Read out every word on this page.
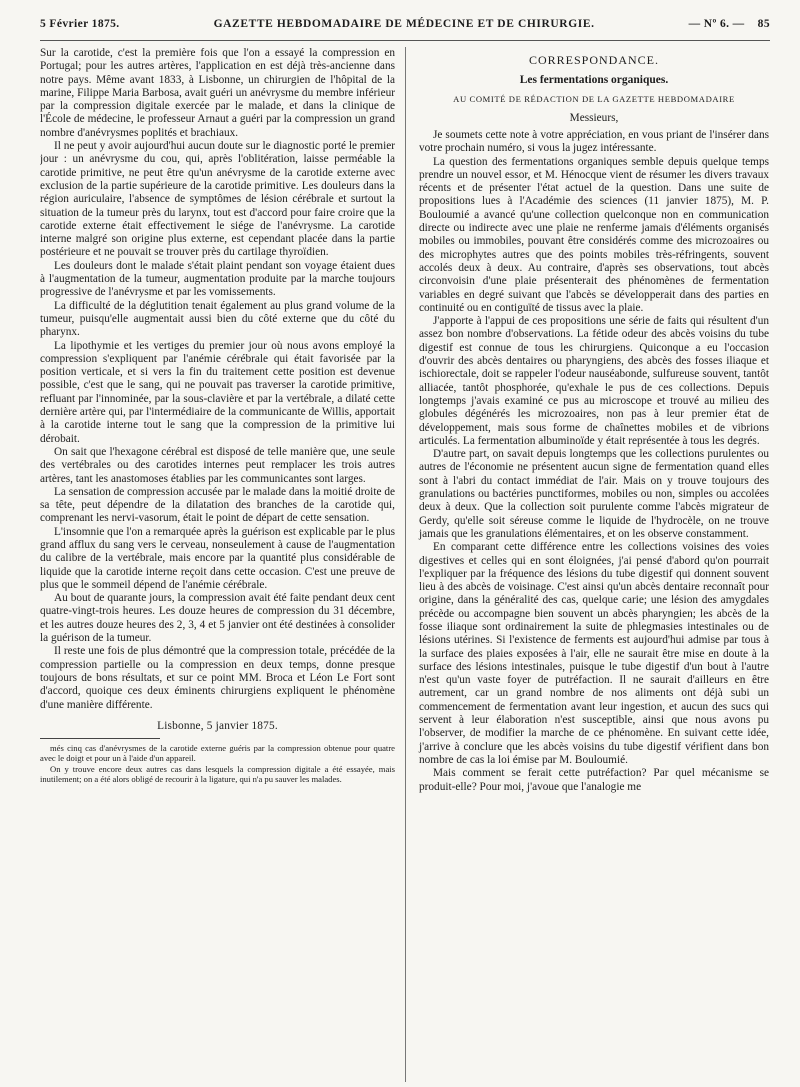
5 Février 1875.	GAZETTE HEBDOMADAIRE DE MÉDECINE ET DE CHIRURGIE.	— Nº 6. — 85

Sur la carotide, c'est la première fois que l'on a essayé la compression en Portugal; pour les autres artères, l'application en est déjà très-ancienne dans notre pays. Même avant 1833, à Lisbonne, un chirurgien de l'hôpital de la marine, Filippe Maria Barbosa, avait guéri un anévrysme du membre inférieur par la compression digitale exercée par le malade, et dans la clinique de l'École de médecine, le professeur Arnaut a guéri par la compression un grand nombre d'anévrysmes poplités et brachiaux.

Il ne peut y avoir aujourd'hui aucun doute sur le diagnostic porté le premier jour : un anévrysme du cou, qui, après l'oblitération, laisse perméable la carotide primitive, ne peut être qu'un anévrysme de la carotide externe avec exclusion de la partie supérieure de la carotide primitive. Les douleurs dans la région auriculaire, l'absence de symptômes de lésion cérébrale et surtout la situation de la tumeur près du larynx, tout est d'accord pour faire croire que la carotide externe était effectivement le siége de l'anévrysme. La carotide interne malgré son origine plus externe, est cependant placée dans la partie postérieure et ne pouvait se trouver près du cartilage thyroïdien.

Les douleurs dont le malade s'était plaint pendant son voyage étaient dues à l'augmentation de la tumeur, augmentation produite par la marche toujours progressive de l'anévrysme et par les vomissements.

La difficulté de la déglutition tenait également au plus grand volume de la tumeur, puisqu'elle augmentait aussi bien du côté externe que du côté du pharynx.

La lipothymie et les vertiges du premier jour où nous avons employé la compression s'expliquent par l'anémie cérébrale qui était favorisée par la position verticale, et si vers la fin du traitement cette position est devenue possible, c'est que le sang, qui ne pouvait pas traverser la carotide primitive, refluant par l'innominée, par la sous-clavière et par la vertébrale, a dilaté cette dernière artère qui, par l'intermédiaire de la communicante de Willis, apportait à la carotide interne tout le sang que la compression de la primitive lui dérobait.

On sait que l'hexagone cérébral est disposé de telle manière que, une seule des vertébrales ou des carotides internes peut remplacer les trois autres artères, tant les anastomoses établies par les communicantes sont larges.

La sensation de compression accusée par le malade dans la moitié droite de sa tête, peut dépendre de la dilatation des branches de la carotide qui, comprenant les nervi-vasorum, était le point de départ de cette sensation.

L'insomnie que l'on a remarquée après la guérison est explicable par le plus grand afflux du sang vers le cerveau, nonseulement à cause de l'augmentation du calibre de la vertébrale, mais encore par la quantité plus considérable de liquide que la carotide interne reçoit dans cette occasion. C'est une preuve de plus que le sommeil dépend de l'anémie cérébrale.

Au bout de quarante jours, la compression avait été faite pendant deux cent quatre-vingt-trois heures. Les douze heures de compression du 31 décembre, et les autres douze heures des 2, 3, 4 et 5 janvier ont été destinées à consolider la guérison de la tumeur.

Il reste une fois de plus démontré que la compression totale, précédée de la compression partielle ou la compression en deux temps, donne presque toujours de bons résultats, et sur ce point MM. Broca et Léon Le Fort sont d'accord, quoique ces deux éminents chirurgiens expliquent le phénomène d'une manière différente.

Lisbonne, 5 janvier 1875.

més cinq cas d'anévrysmes de la carotide externe guéris par la compression obtenue pour quatre avec le doigt et pour un à l'aide d'un appareil.

On y trouve encore deux autres cas dans lesquels la compression digitale a été essayée, mais inutilement; on a été alors obligé de recourir à la ligature, qui n'a pu sauver les malades.

CORRESPONDANCE.
Les fermentations organiques.
AU COMITÉ DE RÉDACTION DE LA GAZETTE HEBDOMADAIRE
Messieurs,

Je soumets cette note à votre appréciation, en vous priant de l'insérer dans votre prochain numéro, si vous la jugez intéressante.

La question des fermentations organiques semble depuis quelque temps prendre un nouvel essor, et M. Hénocque vient de résumer les divers travaux récents et de présenter l'état actuel de la question. Dans une suite de propositions lues à l'Académie des sciences (11 janvier 1875), M. P. Bouloumié a avancé qu'une collection quelconque non en communication directe ou indirecte avec une plaie ne renferme jamais d'éléments organisés mobiles ou immobiles, pouvant être considérés comme des microzoaires ou des microphytes autres que des points mobiles très-réfringents, souvent accolés deux à deux. Au contraire, d'après ses observations, tout abcès circonvoisin d'une plaie présenterait des phénomènes de fermentation variables en degré suivant que l'abcès se développerait dans des parties en continuité ou en contiguïté de tissus avec la plaie.

J'apporte à l'appui de ces propositions une série de faits qui résultent d'un assez bon nombre d'observations. La fétide odeur des abcès voisins du tube digestif est connue de tous les chirurgiens. Quiconque a eu l'occasion d'ouvrir des abcès dentaires ou pharyngiens, des abcès des fosses iliaque et ischiorectale, doit se rappeler l'odeur nauséabonde, sulfureuse souvent, tantôt alliacée, tantôt phosphorée, qu'exhale le pus de ces collections. Depuis longtemps j'avais examiné ce pus au microscope et trouvé au milieu des globules dégénérés les microzoaires, non pas à leur premier état de développement, mais sous forme de chaînettes mobiles et de vibrions articulés. La fermentation albuminoïde y était représentée à tous les degrés.

D'autre part, on savait depuis longtemps que les collections purulentes ou autres de l'économie ne présentent aucun signe de fermentation quand elles sont à l'abri du contact immédiat de l'air. Mais on y trouve toujours des granulations ou bactéries punctiformes, mobiles ou non, simples ou accolées deux à deux. Que la collection soit purulente comme l'abcès migrateur de Gerdy, qu'elle soit séreuse comme le liquide de l'hydrocèle, on ne trouve jamais que les granulations élémentaires, et on les observe constamment.

En comparant cette différence entre les collections voisines des voies digestives et celles qui en sont éloignées, j'ai pensé d'abord qu'on pourrait l'expliquer par la fréquence des lésions du tube digestif qui donnent souvent lieu à des abcès de voisinage. C'est ainsi qu'un abcès dentaire reconnaît pour origine, dans la généralité des cas, quelque carie; une lésion des amygdales précède ou accompagne bien souvent un abcès pharyngien; les abcès de la fosse iliaque sont ordinairement la suite de phlegmasies intestinales ou de lésions utérines. Si l'existence de ferments est aujourd'hui admise par tous à la surface des plaies exposées à l'air, elle ne saurait être mise en doute à la surface des lésions intestinales, puisque le tube digestif d'un bout à l'autre n'est qu'un vaste foyer de putréfaction. Il ne saurait d'ailleurs en être autrement, car un grand nombre de nos aliments ont déjà subi un commencement de fermentation avant leur ingestion, et aucun des sucs qui servent à leur élaboration n'est susceptible, ainsi que nous avons pu l'observer, de modifier la marche de ce phénomène. En suivant cette idée, j'arrive à conclure que les abcès voisins du tube digestif vérifient dans bon nombre de cas la loi émise par M. Bouloumié.

Mais comment se ferait cette putréfaction? Par quel mécanisme se produit-elle? Pour moi, j'avoue que l'analogie me
